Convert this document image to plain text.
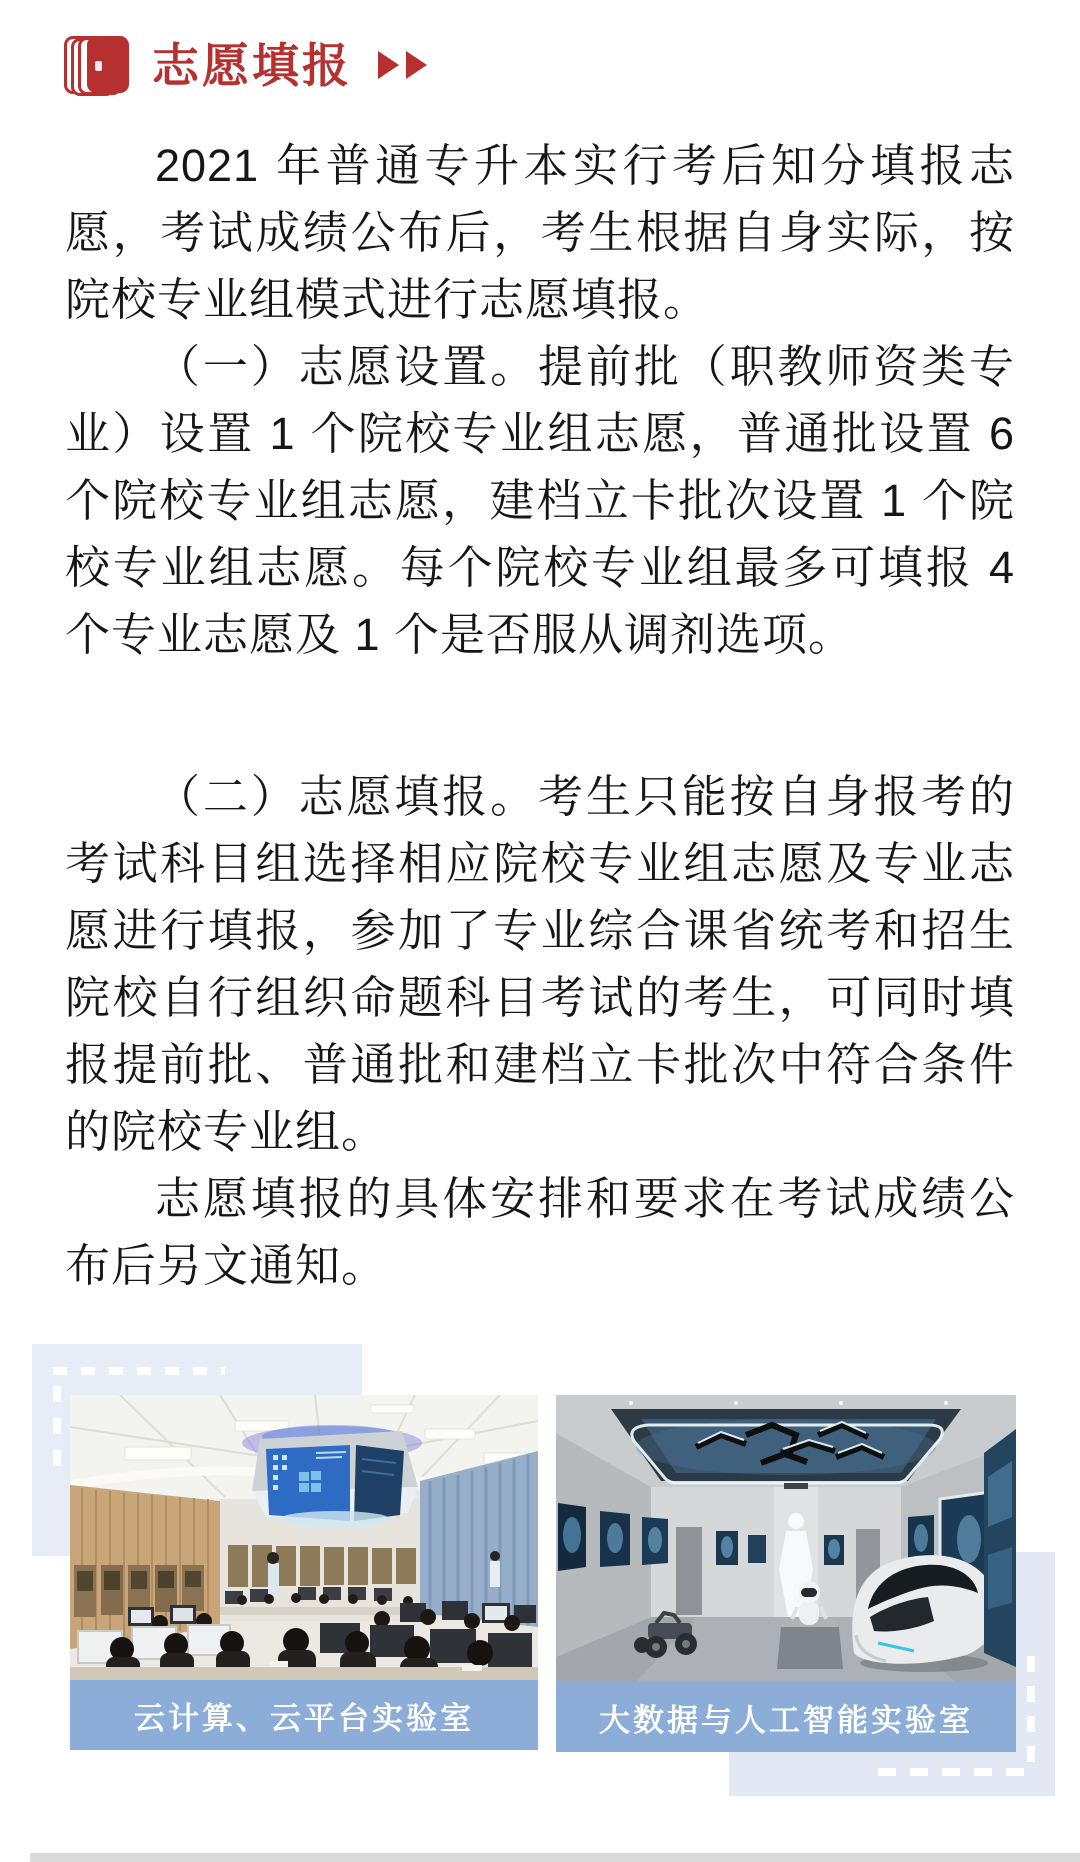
志愿填报

2021 年普通专升本实行考后知分填报志愿，考试成绩公布后，考生根据自身实际，按院校专业组模式进行志愿填报。

（一）志愿设置。提前批（职教师资类专业）设置 1 个院校专业组志愿，普通批设置 6 个院校专业组志愿，建档立卡批次设置 1 个院校专业组志愿。每个院校专业组最多可填报 4 个专业志愿及 1 个是否服从调剂选项。

（二）志愿填报。考生只能按自身报考的考试科目组选择相应院校专业组志愿及专业志愿进行填报，参加了专业综合课省统考和招生院校自行组织命题科目考试的考生，可同时填报提前批、普通批和建档立卡批次中符合条件的院校专业组。

志愿填报的具体安排和要求在考试成绩公布后另文通知。

云计算、云平台实验室	大数据与人工智能实验室
